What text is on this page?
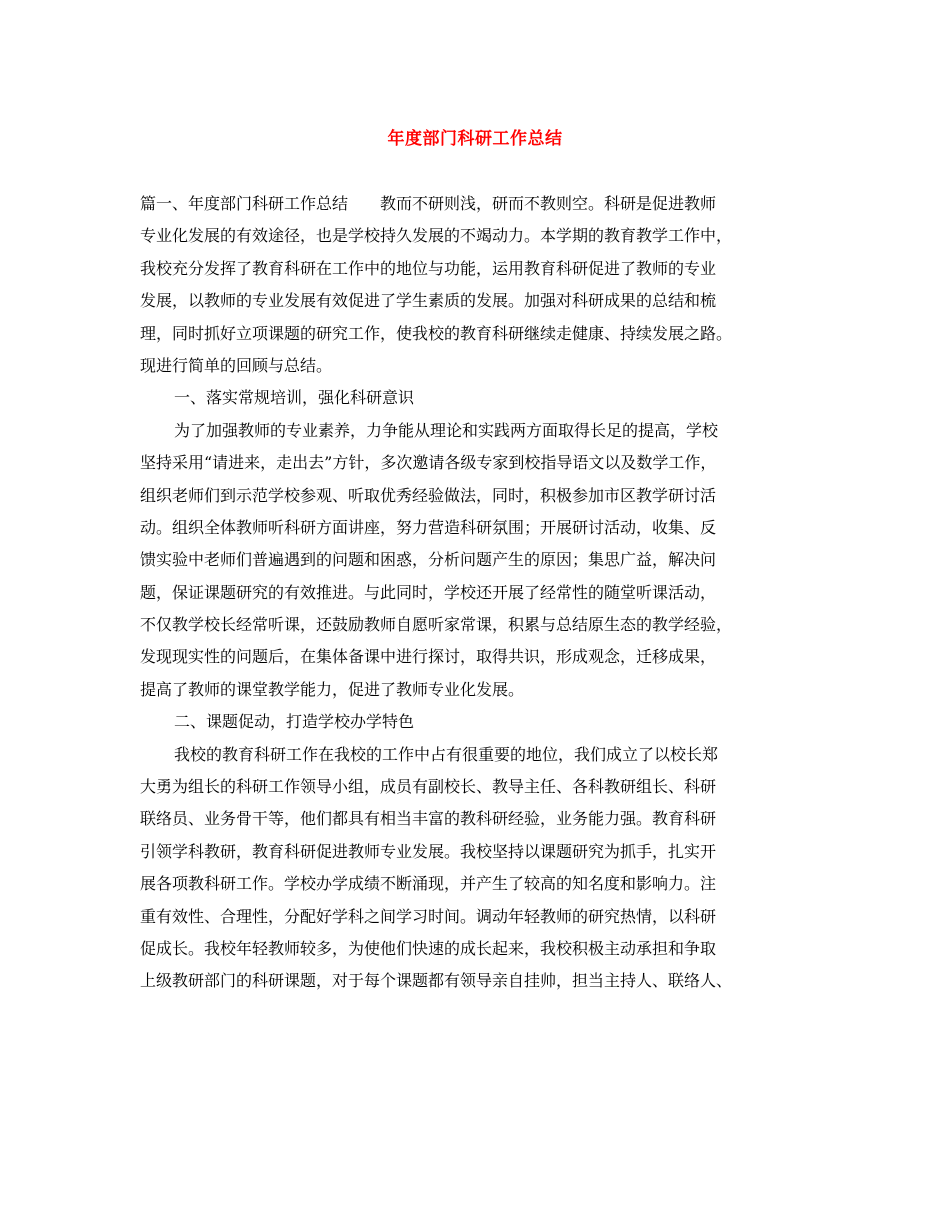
年度部门科研工作总结
篇一、年度部门科研工作总结　　教而不研则浅，研而不教则空。科研是促进教师
专业化发展的有效途径，也是学校持久发展的不竭动力。本学期的教育教学工作中，
我校充分发挥了教育科研在工作中的地位与功能，运用教育科研促进了教师的专业
发展，以教师的专业发展有效促进了学生素质的发展。加强对科研成果的总结和梳
理，同时抓好立项课题的研究工作，使我校的教育科研继续走健康、持续发展之路。
现进行简单的回顾与总结。
一、落实常规培训，强化科研意识
为了加强教师的专业素养，力争能从理论和实践两方面取得长足的提高，学校
坚持采用“请进来，走出去”方针，多次邀请各级专家到校指导语文以及数学工作，
组织老师们到示范学校参观、听取优秀经验做法，同时，积极参加市区教学研讨活
动。组织全体教师听科研方面讲座，努力营造科研氛围；开展研讨活动，收集、反
馈实验中老师们普遍遇到的问题和困惑，分析问题产生的原因；集思广益，解决问
题，保证课题研究的有效推进。与此同时，学校还开展了经常性的随堂听课活动，
不仅教学校长经常听课，还鼓励教师自愿听家常课，积累与总结原生态的教学经验，
发现现实性的问题后，在集体备课中进行探讨，取得共识，形成观念，迁移成果，
提高了教师的课堂教学能力，促进了教师专业化发展。
二、课题促动，打造学校办学特色
我校的教育科研工作在我校的工作中占有很重要的地位，我们成立了以校长郑
大勇为组长的科研工作领导小组，成员有副校长、教导主任、各科教研组长、科研
联络员、业务骨干等，他们都具有相当丰富的教科研经验，业务能力强。教育科研
引领学科教研，教育科研促进教师专业发展。我校坚持以课题研究为抓手，扎实开
展各项教科研工作。学校办学成绩不断涌现，并产生了较高的知名度和影响力。注
重有效性、合理性，分配好学科之间学习时间。调动年轻教师的研究热情，以科研
促成长。我校年轻教师较多，为使他们快速的成长起来，我校积极主动承担和争取
上级教研部门的科研课题，对于每个课题都有领导亲自挂帅，担当主持人、联络人、
